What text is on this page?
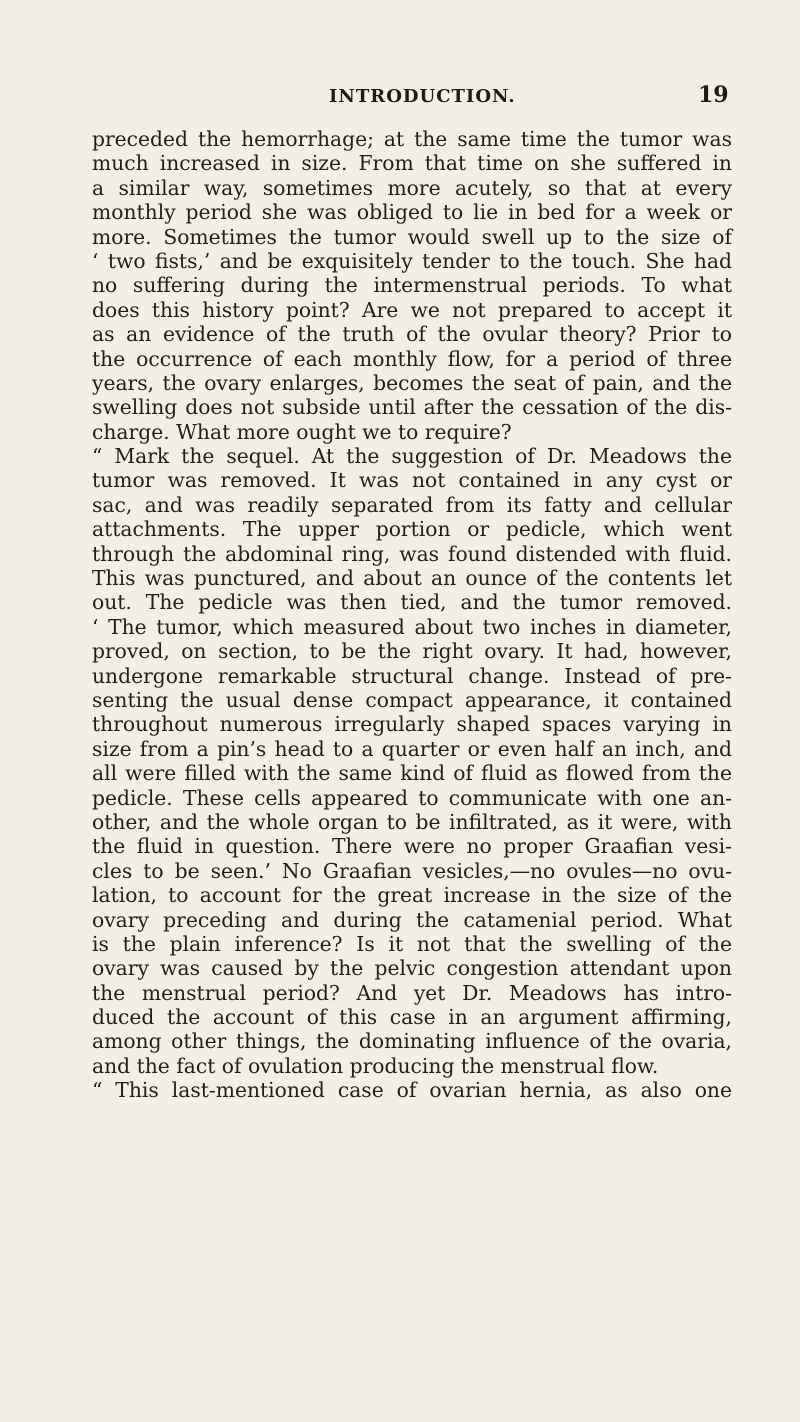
INTRODUCTION.	19
preceded the hemorrhage; at the same time the tumor was
much increased in size. From that time on she suffered in
a similar way, sometimes more acutely, so that at every
monthly period she was obliged to lie in bed for a week or
more. Sometimes the tumor would swell up to the size of
‘ two fists,’ and be exquisitely tender to the touch. She had
no suffering during the intermenstrual periods. To what
does this history point? Are we not prepared to accept it
as an evidence of the truth of the ovular theory? Prior to
the occurrence of each monthly flow, for a period of three
years, the ovary enlarges, becomes the seat of pain, and the
swelling does not subside until after the cessation of the dis-
charge. What more ought we to require?
“ Mark the sequel. At the suggestion of Dr. Meadows the
tumor was removed. It was not contained in any cyst or
sac, and was readily separated from its fatty and cellular
attachments. The upper portion or pedicle, which went
through the abdominal ring, was found distended with fluid.
This was punctured, and about an ounce of the contents let
out. The pedicle was then tied, and the tumor removed.
‘ The tumor, which measured about two inches in diameter,
proved, on section, to be the right ovary. It had, however,
undergone remarkable structural change. Instead of pre-
senting the usual dense compact appearance, it contained
throughout numerous irregularly shaped spaces varying in
size from a pin’s head to a quarter or even half an inch, and
all were filled with the same kind of fluid as flowed from the
pedicle. These cells appeared to communicate with one an-
other, and the whole organ to be infiltrated, as it were, with
the fluid in question. There were no proper Graafian vesi-
cles to be seen.’ No Graafian vesicles,—no ovules—no ovu-
lation, to account for the great increase in the size of the
ovary preceding and during the catamenial period. What
is the plain inference? Is it not that the swelling of the
ovary was caused by the pelvic congestion attendant upon
the menstrual period? And yet Dr. Meadows has intro-
duced the account of this case in an argument affirming,
among other things, the dominating influence of the ovaria,
and the fact of ovulation producing the menstrual flow.
“ This last-mentioned case of ovarian hernia, as also one
